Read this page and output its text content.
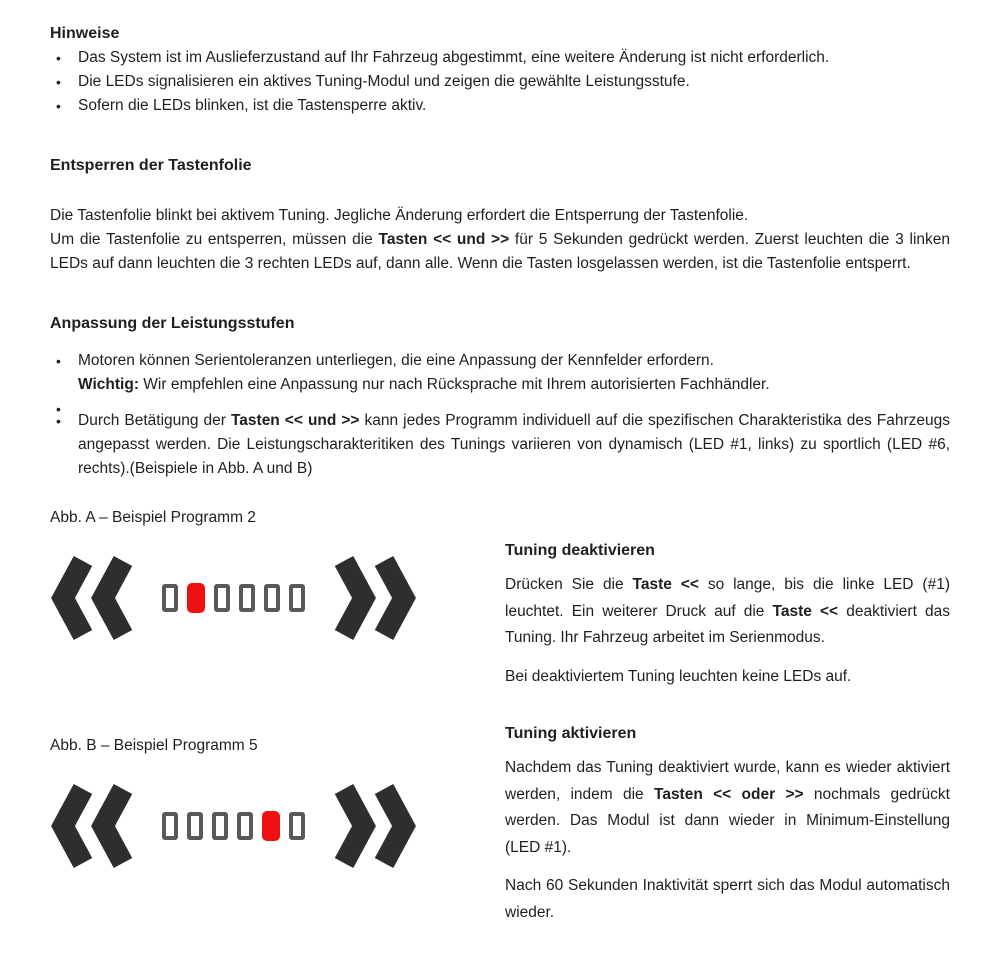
Hinweise
• Das System ist im Auslieferzustand auf Ihr Fahrzeug abgestimmt, eine weitere Änderung ist nicht erforderlich.
• Die LEDs signalisieren ein aktives Tuning-Modul und zeigen die gewählte Leistungsstufe.
• Sofern die LEDs blinken, ist die Tastensperre aktiv.
Entsperren der Tastenfolie

Die Tastenfolie blinkt bei aktivem Tuning. Jegliche Änderung erfordert die Entsperrung der Tastenfolie.

Um die Tastenfolie zu entsperren, müssen die Tasten << und >> für 5 Sekunden gedrückt werden. Zuerst leuchten die 3 linken LEDs auf dann leuchten die 3 rechten LEDs auf, dann alle. Wenn die Tasten losgelassen werden, ist die Tastenfolie entsperrt.

Anpassung der Leistungsstufen
• Motoren können Serientoleranzen unterliegen, die eine Anpassung der Kennfelder erfordern.
Wichtig: Wir empfehlen eine Anpassung nur nach Rücksprache mit Ihrem autorisierten Fachhändler.
•
• Durch Betätigung der Tasten << und >> kann jedes Programm individuell auf die spezifischen Charakteristika des Fahrzeugs angepasst werden. Die Leistungscharakteritiken des Tunings variieren von dynamisch (LED #1, links) zu sportlich (LED #6, rechts).(Beispiele in Abb. A und B)
Abb. A – Beispiel Programm 2
Abb. B – Beispiel Programm 5
Tuning deaktivieren

Drücken Sie die Taste << so lange, bis die linke LED (#1) leuchtet. Ein weiterer Druck auf die Taste << deaktiviert das Tuning. Ihr Fahrzeug arbeitet im Serienmodus.

Bei deaktiviertem Tuning leuchten keine LEDs auf.

Tuning aktivieren

Nachdem das Tuning deaktiviert wurde, kann es wieder aktiviert werden, indem die Tasten << oder >> nochmals gedrückt werden. Das Modul ist dann wieder in Minimum-Einstellung (LED #1).

Nach 60 Sekunden Inaktivität sperrt sich das Modul automatisch wieder.
